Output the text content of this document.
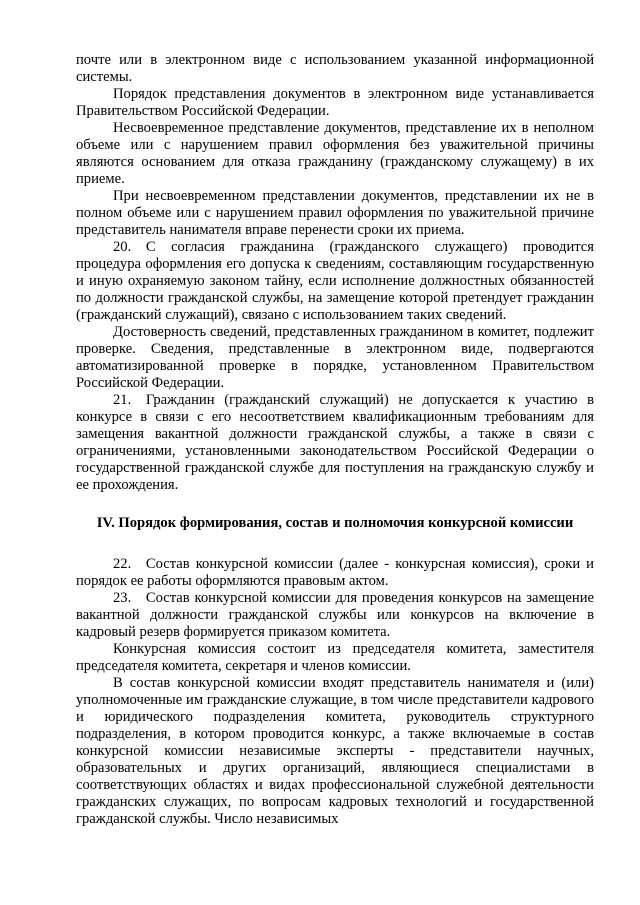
почте или в электронном виде с использованием указанной информационной системы.

Порядок представления документов в электронном виде устанавливается Правительством Российской Федерации.

Несвоевременное представление документов, представление их в неполном объеме или с нарушением правил оформления без уважительной причины являются основанием для отказа гражданину (гражданскому служащему) в их приеме.

При несвоевременном представлении документов, представлении их не в полном объеме или с нарушением правил оформления по уважительной причине представитель нанимателя вправе перенести сроки их приема.

20. С согласия гражданина (гражданского служащего) проводится процедура оформления его допуска к сведениям, составляющим государственную и иную охраняемую законом тайну, если исполнение должностных обязанностей по должности гражданской службы, на замещение которой претендует гражданин (гражданский служащий), связано с использованием таких сведений.

Достоверность сведений, представленных гражданином в комитет, подлежит проверке. Сведения, представленные в электронном виде, подвергаются автоматизированной проверке в порядке, установленном Правительством Российской Федерации.

21. Гражданин (гражданский служащий) не допускается к участию в конкурсе в связи с его несоответствием квалификационным требованиям для замещения вакантной должности гражданской службы, а также в связи с ограничениями, установленными законодательством Российской Федерации о государственной гражданской службе для поступления на гражданскую службу и ее прохождения.

IV. Порядок формирования, состав и полномочия конкурсной комиссии

22. Состав конкурсной комиссии (далее - конкурсная комиссия), сроки и порядок ее работы оформляются правовым актом.

23. Состав конкурсной комиссии для проведения конкурсов на замещение вакантной должности гражданской службы или конкурсов на включение в кадровый резерв формируется приказом комитета.

Конкурсная комиссия состоит из председателя комитета, заместителя председателя комитета, секретаря и членов комиссии.

В состав конкурсной комиссии входят представитель нанимателя и (или) уполномоченные им гражданские служащие, в том числе представители кадрового и юридического подразделения комитета, руководитель структурного подразделения, в котором проводится конкурс, а также включаемые в состав конкурсной комиссии независимые эксперты - представители научных, образовательных и других организаций, являющиеся специалистами в соответствующих областях и видах профессиональной служебной деятельности гражданских служащих, по вопросам кадровых технологий и государственной гражданской службы. Число независимых
